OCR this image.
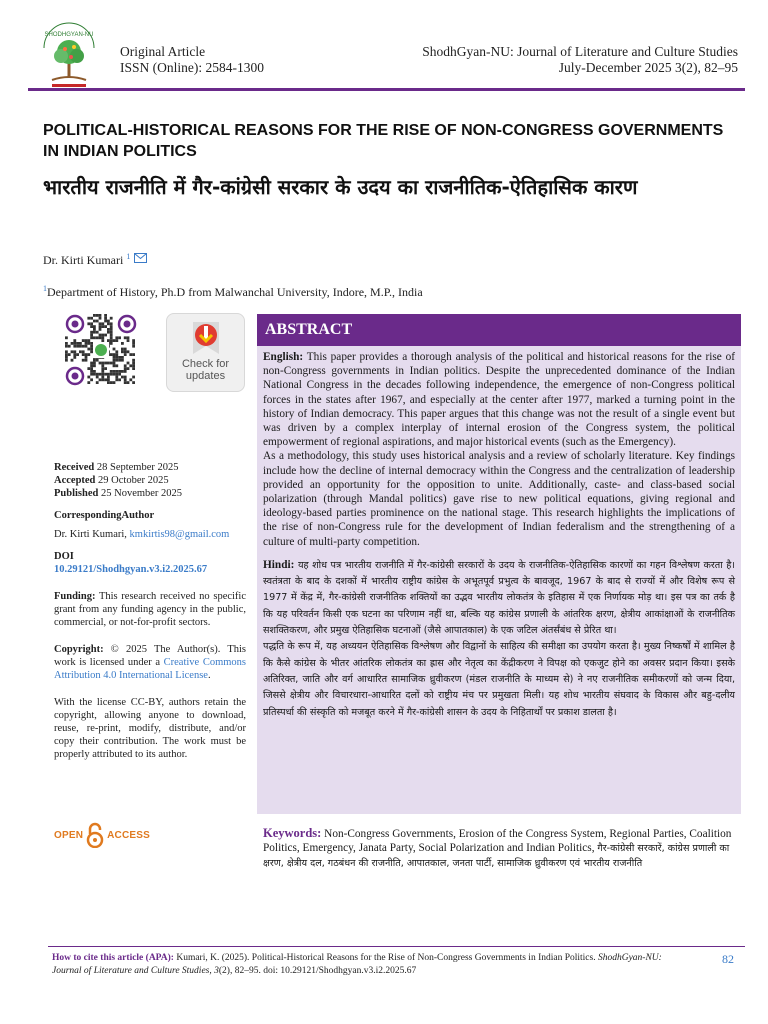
SHODHGYAN-NU
Original Article
ISSN (Online): 2584-1300
ShodhGyan-NU: Journal of Literature and Culture Studies
July-December 2025 3(2), 82–95
POLITICAL-HISTORICAL REASONS FOR THE RISE OF NON-CONGRESS GOVERNMENTS IN INDIAN POLITICS
भारतीय राजनीति में गैर-कांग्रेसी सरकार के उदय का राजनीतिक-ऐतिहासिक कारण
Dr. Kirti Kumari $^1$
$^1$Department of History, Ph.D from Malwanchal University, Indore, M.P., India
Check for updates
Received 28 September 2025
Accepted 29 October 2025
Published 25 November 2025
CorrespondingAuthor
Dr. Kirti Kumari, kmkirtis98@gmail.com
DOI
10.29121/Shodhgyan.v3.i2.2025.67
Funding: This research received no specific grant from any funding agency in the public, commercial, or not-for-profit sectors.
Copyright: © 2025 The Author(s). This work is licensed under a Creative Commons Attribution 4.0 International License.
With the license CC-BY, authors retain the copyright, allowing anyone to download, reuse, re-print, modify, distribute, and/or copy their contribution. The work must be properly attributed to its author.
OPEN ACCESS
ABSTRACT
English: This paper provides a thorough analysis of the political and historical reasons for the rise of non-Congress governments in Indian politics. Despite the unprecedented dominance of the Indian National Congress in the decades following independence, the emergence of non-Congress political forces in the states after 1967, and especially at the center after 1977, marked a turning point in the history of Indian democracy. This paper argues that this change was not the result of a single event but was driven by a complex interplay of internal erosion of the Congress system, the political empowerment of regional aspirations, and major historical events (such as the Emergency).
As a methodology, this study uses historical analysis and a review of scholarly literature. Key findings include how the decline of internal democracy within the Congress and the centralization of leadership provided an opportunity for the opposition to unite. Additionally, caste- and class-based social polarization (through Mandal politics) gave rise to new political equations, giving regional and ideology-based parties prominence on the national stage. This research highlights the implications of the rise of non-Congress rule for the development of Indian federalism and the strengthening of a culture of multi-party competition.
Hindi: यह शोध पत्र भारतीय राजनीति में गैर-कांग्रेसी सरकारों के उदय के राजनीतिक-ऐतिहासिक कारणों का गहन विश्लेषण करता है। स्वतंत्रता के बाद के दशकों में भारतीय राष्ट्रीय कांग्रेस के अभूतपूर्व प्रभुत्व के बावजूद, 1967 के बाद से राज्यों में और विशेष रूप से 1977 में केंद्र में, गैर-कांग्रेसी राजनीतिक शक्तियों का उद्भव भारतीय लोकतंत्र के इतिहास में एक निर्णायक मोड़ था। इस पत्र का तर्क है कि यह परिवर्तन किसी एक घटना का परिणाम नहीं था, बल्कि यह कांग्रेस प्रणाली के आंतरिक क्षरण, क्षेत्रीय आकांक्षाओं के राजनीतिक सशक्तिकरण, और प्रमुख ऐतिहासिक घटनाओं (जैसे आपातकाल) के एक जटिल अंतर्संबंध से प्रेरित था।
पद्धति के रूप में, यह अध्ययन ऐतिहासिक विश्लेषण और विद्वानों के साहित्य की समीक्षा का उपयोग करता है। मुख्य निष्कर्षों में शामिल है कि कैसे कांग्रेस के भीतर आंतरिक लोकतंत्र का ह्रास और नेतृत्व का केंद्रीकरण ने विपक्ष को एकजुट होने का अवसर प्रदान किया। इसके अतिरिक्त, जाति और वर्ग आधारित सामाजिक ध्रुवीकरण (मंडल राजनीति के माध्यम से) ने नए राजनीतिक समीकरणों को जन्म दिया, जिससे क्षेत्रीय और विचारधारा-आधारित दलों को राष्ट्रीय मंच पर प्रमुखता मिली। यह शोध भारतीय संघवाद के विकास और बहु-दलीय प्रतिस्पर्धा की संस्कृति को मजबूत करने में गैर-कांग्रेसी शासन के उदय के निहितार्थों पर प्रकाश डालता है।
Keywords: Non-Congress Governments, Erosion of the Congress System, Regional Parties, Coalition Politics, Emergency, Janata Party, Social Polarization and Indian Politics, गैर-कांग्रेसी सरकारें, कांग्रेस प्रणाली का क्षरण, क्षेत्रीय दल, गठबंधन की राजनीति, आपातकाल, जनता पार्टी, सामाजिक ध्रुवीकरण एवं भारतीय राजनीति
How to cite this article (APA): Kumari, K. (2025). Political-Historical Reasons for the Rise of Non-Congress Governments in Indian Politics. ShodhGyan-NU: Journal of Literature and Culture Studies, 3(2), 82–95. doi: 10.29121/Shodhgyan.v3.i2.2025.67
82
